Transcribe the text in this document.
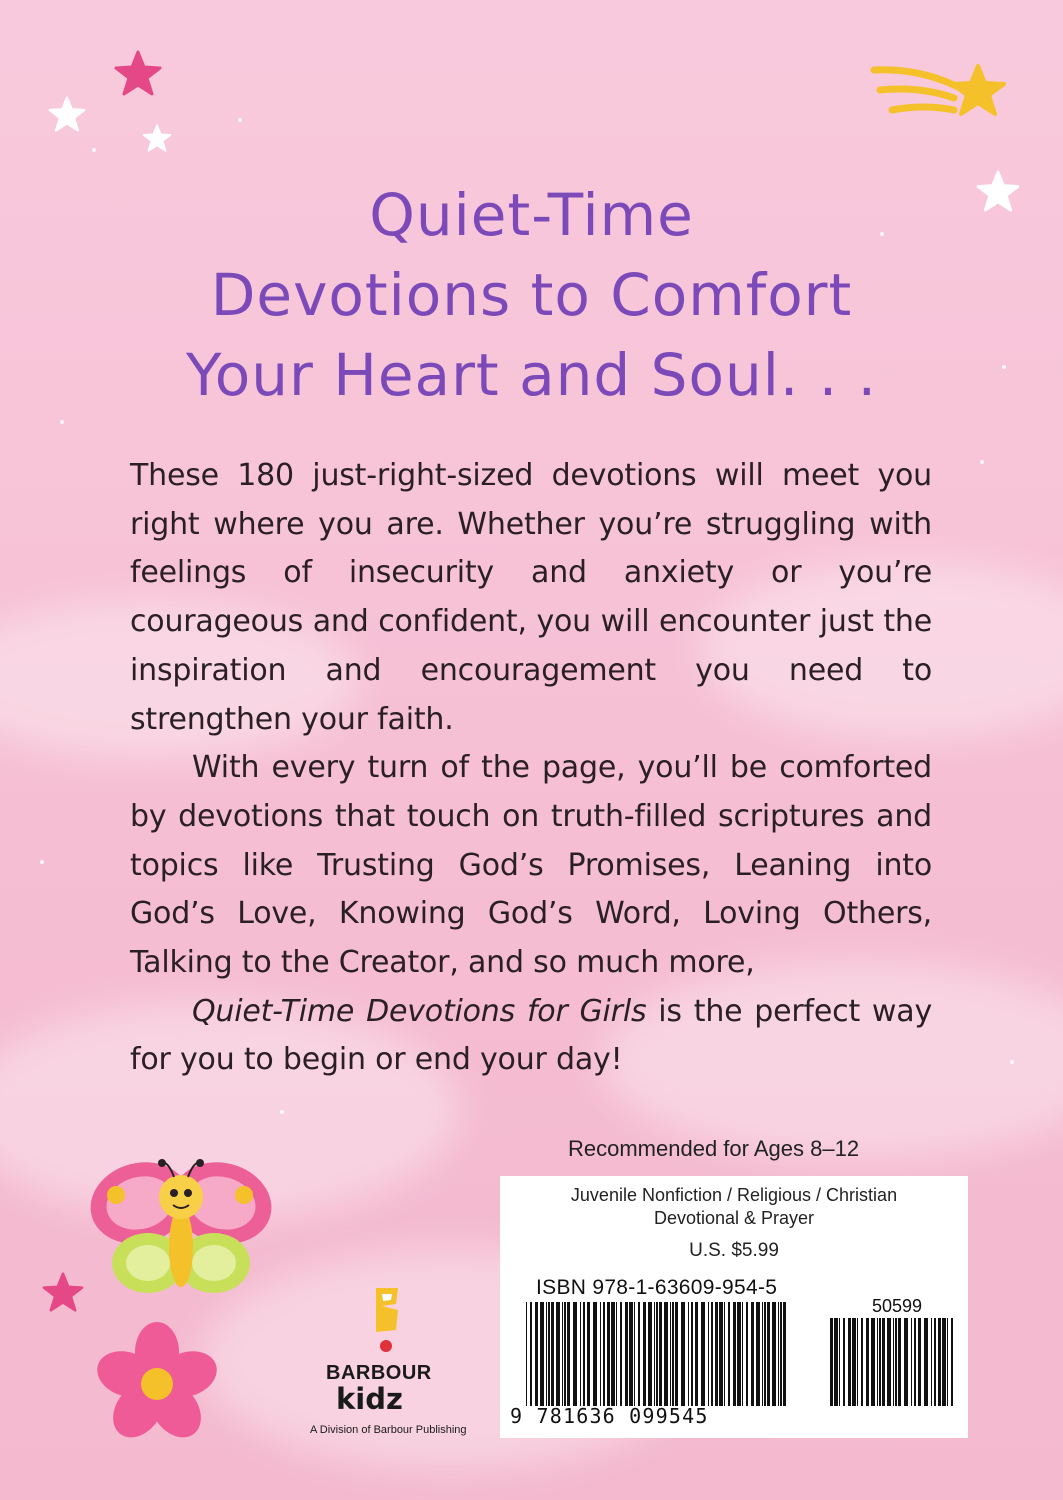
Quiet-Time
Devotions to Comfort
Your Heart and Soul. . .

These 180 just-right-sized devotions will meet you right where you are. Whether you’re struggling with feelings of insecurity and anxiety or you’re courageous and confident, you will encounter just the inspiration and encouragement you need to strengthen your faith.

With every turn of the page, you’ll be comforted by devotions that touch on truth-filled scriptures and topics like Trusting God’s Promises, Leaning into God’s Love, Knowing God’s Word, Loving Others, Talking to the Creator, and so much more,

Quiet-Time Devotions for Girls is the perfect way for you to begin or end your day!

BARBOUR
kidz
A Division of Barbour Publishing
Recommended for Ages 8–12
Juvenile Nonfiction / Religious / Christian
Devotional & Prayer
U.S. $5.99
ISBN 978-1-63609-954-5
50599
9 781636 099545
